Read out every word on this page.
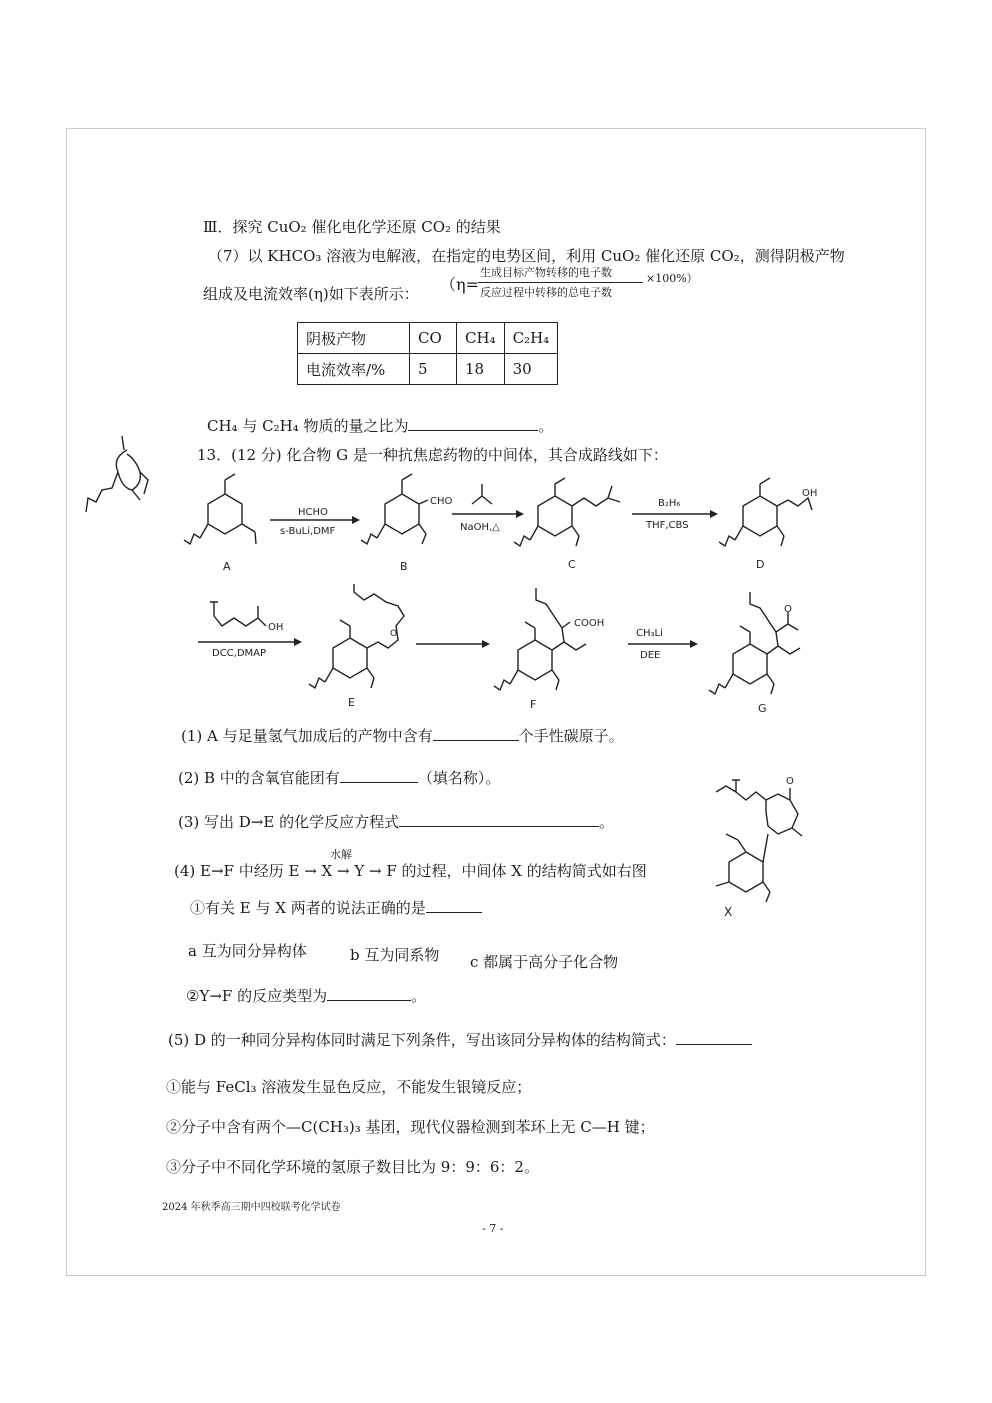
Ⅲ．探究 CuO₂ 催化电化学还原 CO₂ 的结果
（7）以 KHCO₃ 溶液为电解液，在指定的电势区间，利用 CuO₂ 催化还原 CO₂，测得阴极产物
组成及电流效率(η)如下表所示： （η=
生成目标产物转移的电子数
反应过程中转移的总电子数
×100%）
阴极产物	CO	CH₄	C₂H₄
电流效率/%	5	18	30
CH₄ 与 C₂H₄ 物质的量之比为	。
13．(12 分) 化合物 G 是一种抗焦虑药物的中间体，其合成路线如下：
A
HCHO
s-BuLi,DMF
CHO
B
NaOH,△
C
B₂H₆
THF,CBS
OH
D
OH
DCC,DMAP
O
E
COOH
F
CH₃Li
DEE
O
G
(1) A 与足量氢气加成后的产物中含有	个手性碳原子。
(2) B 中的含氧官能团有	（填名称）。
(3) 写出 D→E 的化学反应方程式	。
水解
(4) E→F 中经历 E → X → Y → F 的过程，中间体 X 的结构简式如右图
①有关 E 与 X 两者的说法正确的是
a 互为同分异构体	b 互为同系物 c 都属于高分子化合物
②Y→F 的反应类型为	。
O
X
(5) D 的一种同分异构体同时满足下列条件，写出该同分异构体的结构简式：
①能与 FeCl₃ 溶液发生显色反应，不能发生银镜反应；
②分子中含有两个—C(CH₃)₃ 基团，现代仪器检测到苯环上无 C—H 键；
③分子中不同化学环境的氢原子数目比为 9：9：6：2。
2024 年秋季高三期中四校联考化学试卷
- 7 -
